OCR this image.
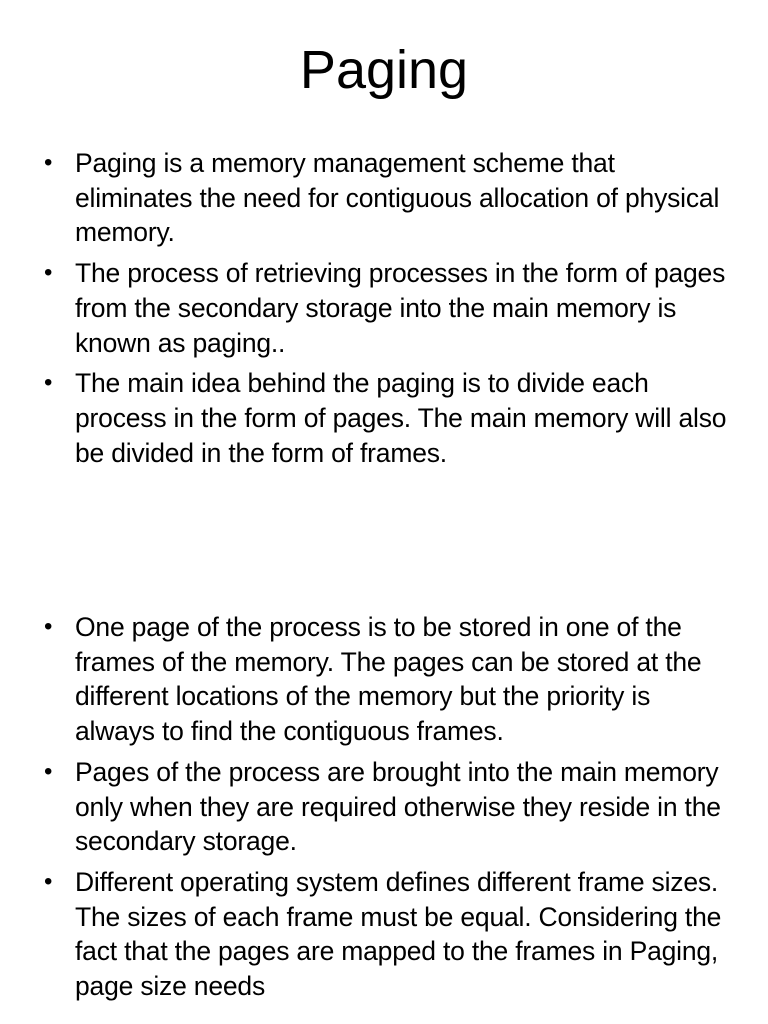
Paging
• Paging is a memory management scheme that eliminates the need for contiguous allocation of physical memory.
• The process of retrieving processes in the form of pages from the secondary storage into the main memory is known as paging..
• The main idea behind the paging is to divide each process in the form of pages. The main memory will also be divided in the form of frames.
• One page of the process is to be stored in one of the frames of the memory. The pages can be stored at the different locations of the memory but the priority is always to find the contiguous frames.
• Pages of the process are brought into the main memory only when they are required otherwise they reside in the secondary storage.
• Different operating system defines different frame sizes. The sizes of each frame must be equal. Considering the fact that the pages are mapped to the frames in Paging, page size needs
